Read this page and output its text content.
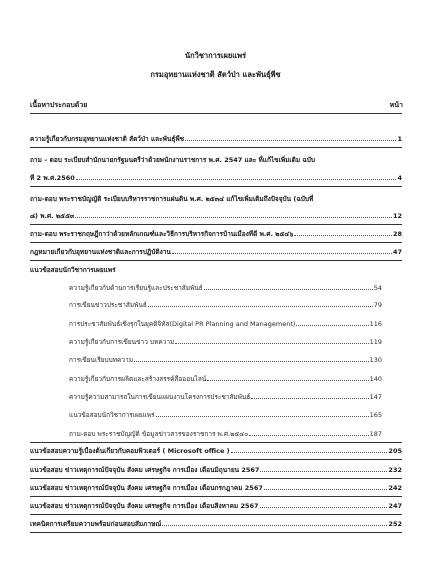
นักวิชาการเผยแพร่
กรมอุทยานแห่งชาติ สัตว์ป่า และพันธุ์พืช
เนื้อหาประกอบด้วย	หน้า
ความรู้เกี่ยวกับกรมอุทยานแห่งชาติ สัตว์ป่า และพันธุ์พืช	1
ถาม – ตอบ ระเบียบสำนักนายกรัฐมนตรีว่าด้วยพนักงานราชการ พ.ศ. 2547 และ ที่แก้ไขเพิ่มเติม ฉบับ
ที่ 2 พ.ศ.2560	4
ถาม-ตอบ พระราชบัญญัติ ระเบียบบริหารราชการแผ่นดิน พ.ศ. ๒๕๓๔ แก้ไขเพิ่มเติมถึงปัจจุบัน (ฉบับที่
๘) พ.ศ. ๒๕๕๓	12
ถาม-ตอบ พระราชกฤษฎีกาว่าด้วยหลักเกณฑ์และวิธีการบริหารกิจการบ้านเมืองที่ดี พ.ศ. ๒๕๔๖	28
กฎหมายเกี่ยวกับอุทยานแห่งชาติและการปฏิบัติงาน	47
แนวข้อสอบนักวิชาการเผยแพร่
ความรู้เกี่ยวกับด้านการเรียนรู้และประชาสัมพันธ์	54
การเขียนข่าวประชาสัมพันธ์	79
การประชาสัมพันธ์เชิงรุกในยุคดิจิทัล(Digital PR Planning and Management)	116
ความรู้เกี่ยวกับการเขียนข่าว บทความ	119
การเขียนเรียบบทความ	130
ความรู้เกี่ยวกับการผลิตและสร้างสรรค์สื่อออนไลน์	140
ความรู้ความสามารถในการเขียนแผนงานโครงการประชาสัมพันธ์	147
แนวข้อสอบนักวิชาการเผยแพร่	165
ถาม-ตอบ พระราชบัญญัติ ข้อมูลข่าวสารของราชการ พ.ศ.๒๕๔๐	187
แนวข้อสอบความรู้เบื้องต้นเกี่ยวกับคอมพิวเตอร์ ( Microsoft office )	205
แนวข้อสอบ ข่าวเหตุการณ์ปัจจุบัน สังคม เศรษฐกิจ การเมือง เดือนมิถุนายน 2567	232
แนวข้อสอบ ข่าวเหตุการณ์ปัจจุบัน สังคม เศรษฐกิจ การเมือง เดือนกรกฎาคม 2567	242
แนวข้อสอบ ข่าวเหตุการณ์ปัจจุบัน สังคม เศรษฐกิจ การเมือง เดือนสิงหาคม 2567	247
เทคนิคการเตรียมความพร้อมก่อนสอบสัมภาษณ์	252
